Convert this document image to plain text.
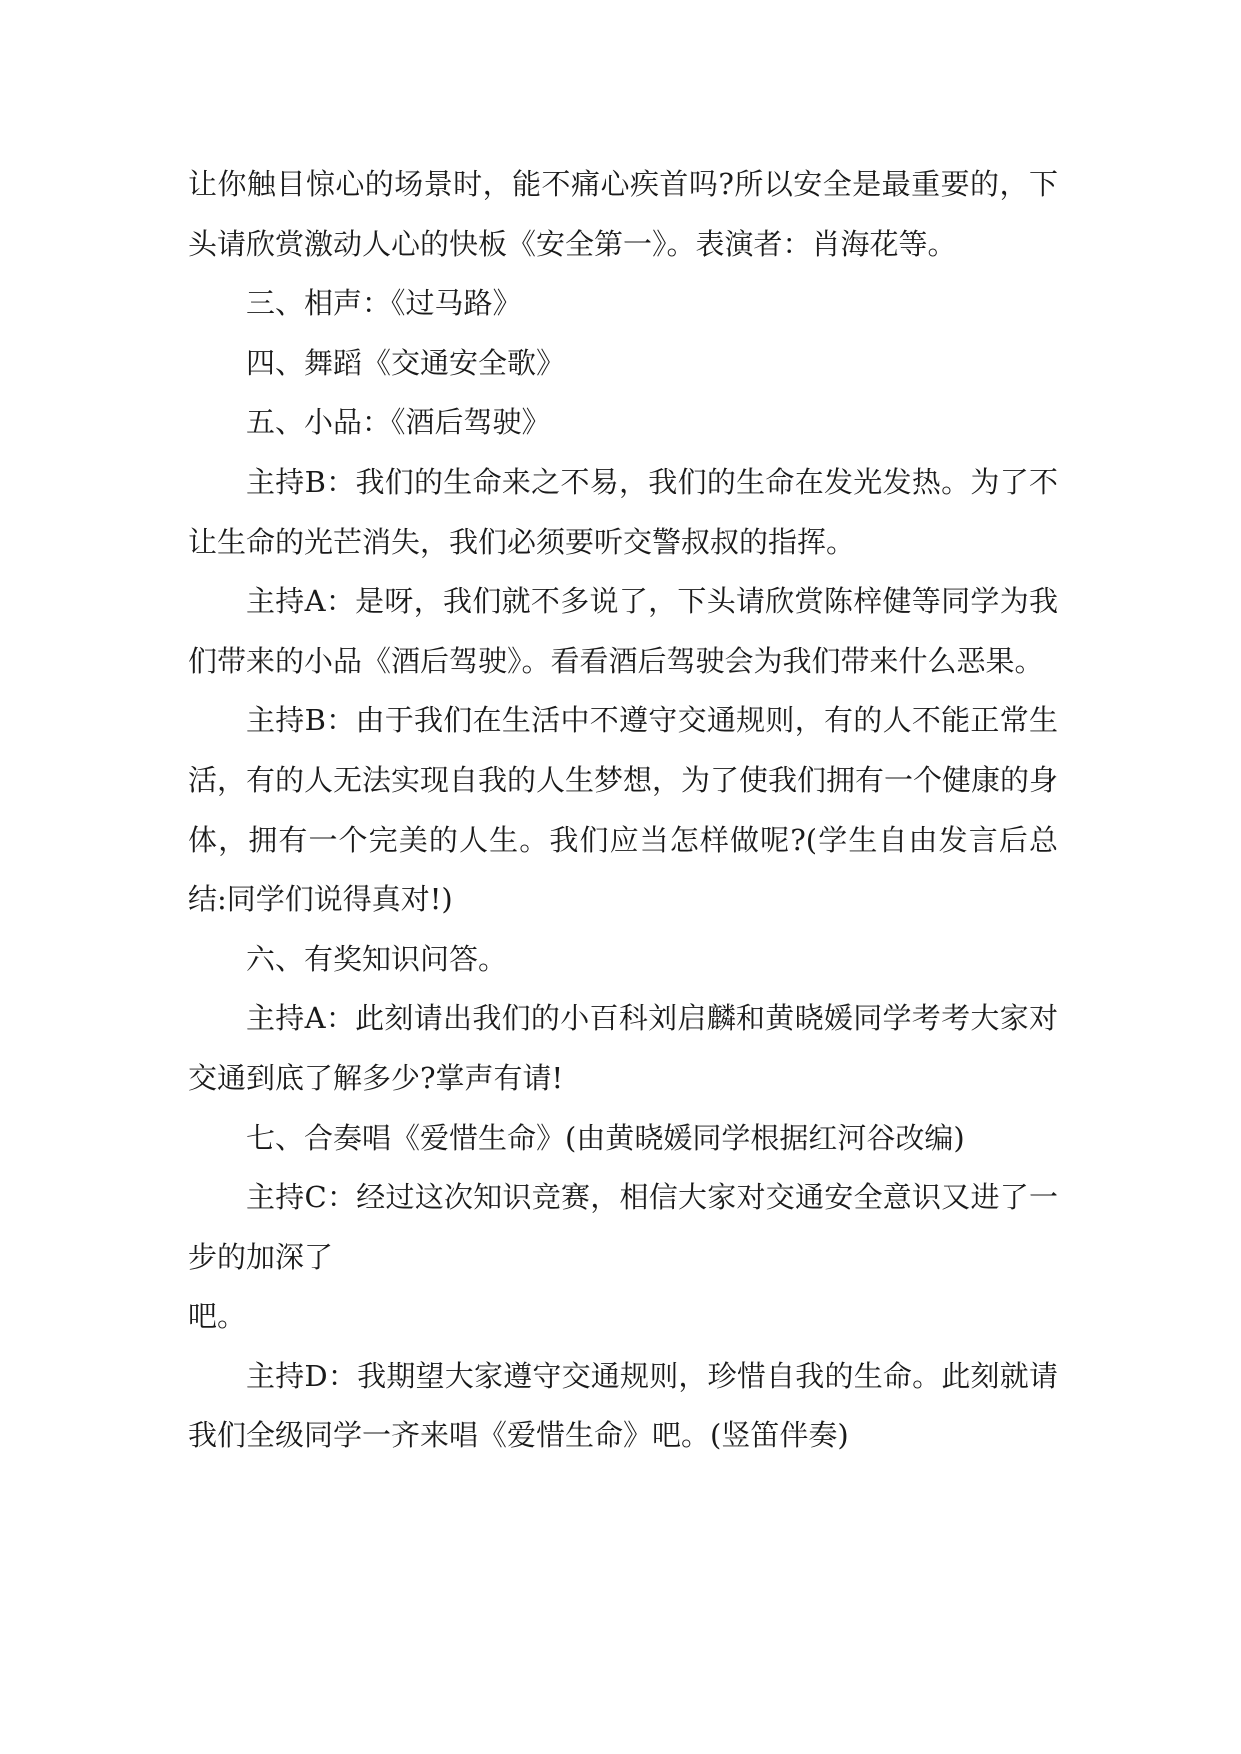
让你触目惊心的场景时，能不痛心疾首吗?所以安全是最重要的，下头请欣赏激动人心的快板《安全第一》。表演者：肖海花等。

三、相声：《过马路》

四、舞蹈《交通安全歌》

五、小品：《酒后驾驶》

主持B：我们的生命来之不易，我们的生命在发光发热。为了不让生命的光芒消失，我们必须要听交警叔叔的指挥。

主持A：是呀，我们就不多说了，下头请欣赏陈梓健等同学为我们带来的小品《酒后驾驶》。看看酒后驾驶会为我们带来什么恶果。

主持B：由于我们在生活中不遵守交通规则，有的人不能正常生活，有的人无法实现自我的人生梦想，为了使我们拥有一个健康的身体，拥有一个完美的人生。我们应当怎样做呢?(学生自由发言后总结:同学们说得真对!)

六、有奖知识问答。

主持A：此刻请出我们的小百科刘启麟和黄晓媛同学考考大家对交通到底了解多少?掌声有请!

七、合奏唱《爱惜生命》(由黄晓媛同学根据红河谷改编)

主持C：经过这次知识竞赛，相信大家对交通安全意识又进了一步的加深了

吧。

主持D：我期望大家遵守交通规则，珍惜自我的生命。此刻就请我们全级同学一齐来唱《爱惜生命》吧。(竖笛伴奏)
